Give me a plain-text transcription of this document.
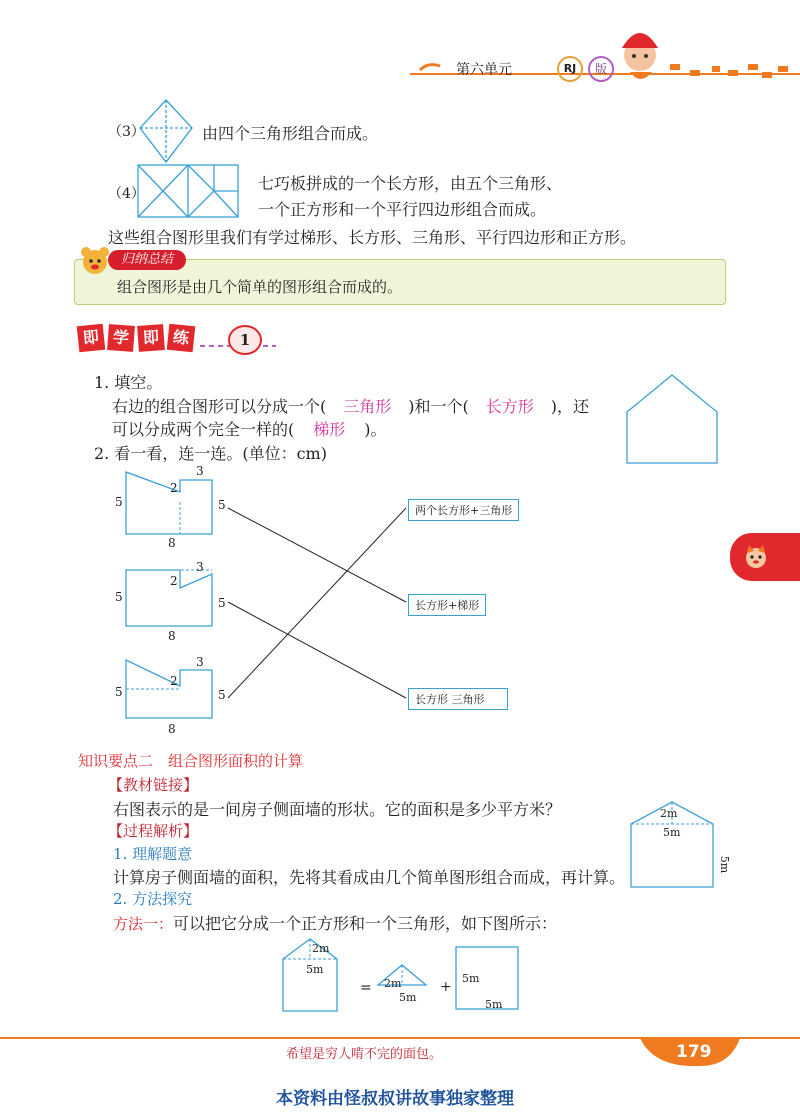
第六单元	RJ	版
（3）	由四个三角形组合而成。
（4）
七巧板拼成的一个长方形，由五个三角形、
一个正方形和一个平行四边形组合而成。
这些组合图形里我们有学过梯形、长方形、三角形、平行四边形和正方形。
组合图形是由几个简单的图形组合而成的。
归纳总结
即 学 即 练	1
1. 填空。
右边的组合图形可以分成一个( 三角形 )和一个( 长方形 )，还
可以分成两个完全一样的( 梯形 )。
2. 看一看，连一连。(单位：cm)
5	5
8
3
2
5	5
8
3
2
5	5
8
3
2
两个长方形+三角形
长方形+梯形
长方形 三角形
知识要点二　组合图形面积的计算
【教材链接】
右图表示的是一间房子侧面墙的形状。它的面积是多少平方米？
【过程解析】
1. 理解题意
计算房子侧面墙的面积，先将其看成由几个简单图形组合而成，再计算。
2. 方法探究
方法一：可以把它分成一个正方形和一个三角形，如下图所示：
2m
5m
5m
2m
5m
= 2m
5m
+
5m
5m
希望是穷人啃不完的面包。	179
本资料由怪叔叔讲故事独家整理
